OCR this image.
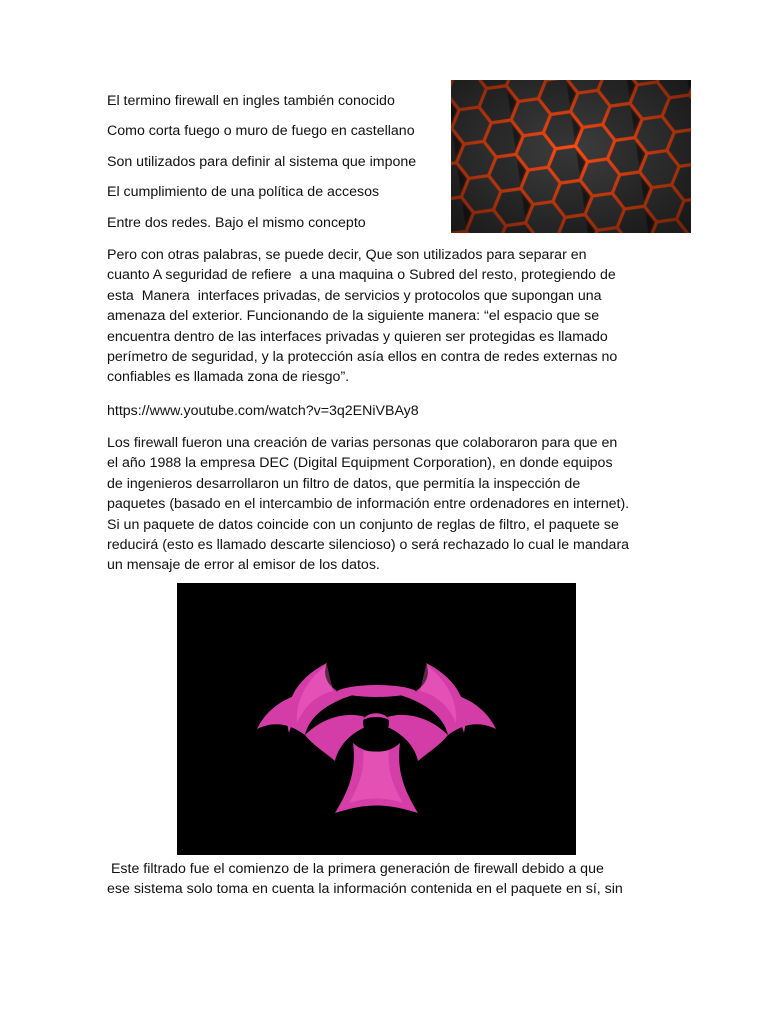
El termino firewall en ingles también conocido
Como corta fuego o muro de fuego en castellano
Son utilizados para definir al sistema que impone
El cumplimiento de una política de accesos
Entre dos redes. Bajo el mismo concepto
Pero con otras palabras, se puede decir, Que son utilizados para separar en
cuanto A seguridad de refiere  a una maquina o Subred del resto, protegiendo de
esta  Manera  interfaces privadas, de servicios y protocolos que supongan una
amenaza del exterior. Funcionando de la siguiente manera: “el espacio que se
encuentra dentro de las interfaces privadas y quieren ser protegidas es llamado
perímetro de seguridad, y la protección asía ellos en contra de redes externas no
confiables es llamada zona de riesgo”.
https://www.youtube.com/watch?v=3q2ENiVBAy8
Los firewall fueron una creación de varias personas que colaboraron para que en
el año 1988 la empresa DEC (Digital Equipment Corporation), en donde equipos
de ingenieros desarrollaron un filtro de datos, que permitía la inspección de
paquetes (basado en el intercambio de información entre ordenadores en internet).
Si un paquete de datos coincide con un conjunto de reglas de filtro, el paquete se
reducirá (esto es llamado descarte silencioso) o será rechazado lo cual le mandara
un mensaje de error al emisor de los datos.
Este filtrado fue el comienzo de la primera generación de firewall debido a que
ese sistema solo toma en cuenta la información contenida en el paquete en sí, sin
